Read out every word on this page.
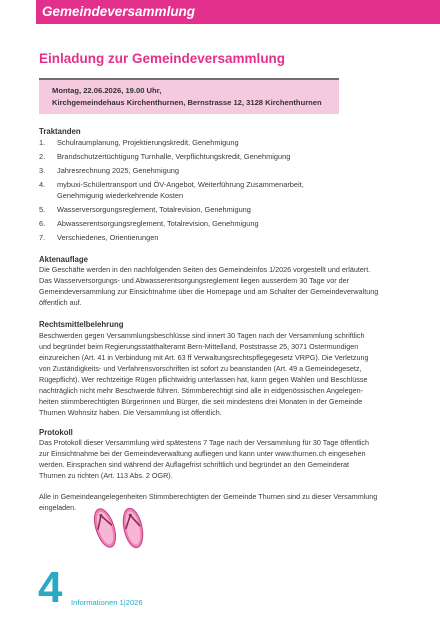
Gemeindeversammlung
Einladung zur Gemeindeversammlung
Montag, 22.06.2026, 19.00 Uhr,
Kirchgemeindehaus Kirchenthurnen, Bernstrasse 12, 3128 Kirchenthurnen
Traktanden
1. Schulraumplanung, Projektierungskredit, Genehmigung
2. Brandschutzertüchtigung Turnhalle, Verpflichtungskredit, Genehmigung
3. Jahresrechnung 2025, Genehmigung
4. mybuxi-Schülertransport und ÖV-Angebot, Weiterführung Zusammenarbeit,
Genehmigung wiederkehrende Kosten
5. Wasserversorgungsreglement, Totalrevision, Genehmigung
6. Abwasserentsorgungsreglement, Totalrevision, Genehmigung
7. Verschiedenes, Orientierungen
Aktenauflage
Die Geschäfte werden in den nachfolgenden Seiten des Gemeindeinfos 1/2026 vorgestellt und erläutert.
Das Wasserversorgungs- und Abwasserentsorgungsreglement liegen ausserdem 30 Tage vor der
Gemeindeversammlung zur Einsichtnahme über die Homepage und am Schalter der Gemeindeverwaltung
öffentlich auf.
Rechtsmittelbelehrung
Beschwerden gegen Versammlungsbeschlüsse sind innert 30 Tagen nach der Versammlung schriftlich
und begründet beim Regierungsstatthalteramt Bern-Mittelland, Poststrasse 25, 3071 Ostermundigen
einzureichen (Art. 41 in Verbindung mit Art. 63 ff Verwaltungsrechtspflegegesetz VRPG). Die Verletzung
von Zuständigkeits- und Verfahrensvorschriften ist sofort zu beanstanden (Art. 49 a Gemeindegesetz,
Rügepflicht). Wer rechtzeitige Rügen pflichtwidrig unterlassen hat, kann gegen Wahlen und Beschlüsse
nachträglich nicht mehr Beschwerde führen. Stimmberechtigt sind alle in eidgenössischen Angelegen-
heiten stimmberechtigten Bürgerinnen und Bürger, die seit mindestens drei Monaten in der Gemeinde
Thurnen Wohnsitz haben. Die Versammlung ist öffentlich.
Protokoll
Das Protokoll dieser Versammlung wird spätestens 7 Tage nach der Versammlung für 30 Tage öffentlich
zur Einsichtnahme bei der Gemeindeverwaltung aufliegen und kann unter www.thurnen.ch eingesehen
werden. Einsprachen sind während der Auflagefrist schriftlich und begründet an den Gemeinderat
Thurnen zu richten (Art. 113 Abs. 2 OGR).
Alle in Gemeindeangelegenheiten Stimmberechtigten der Gemeinde Thurnen sind zu dieser Versammlung
eingeladen.
4 Informationen 1|2026
